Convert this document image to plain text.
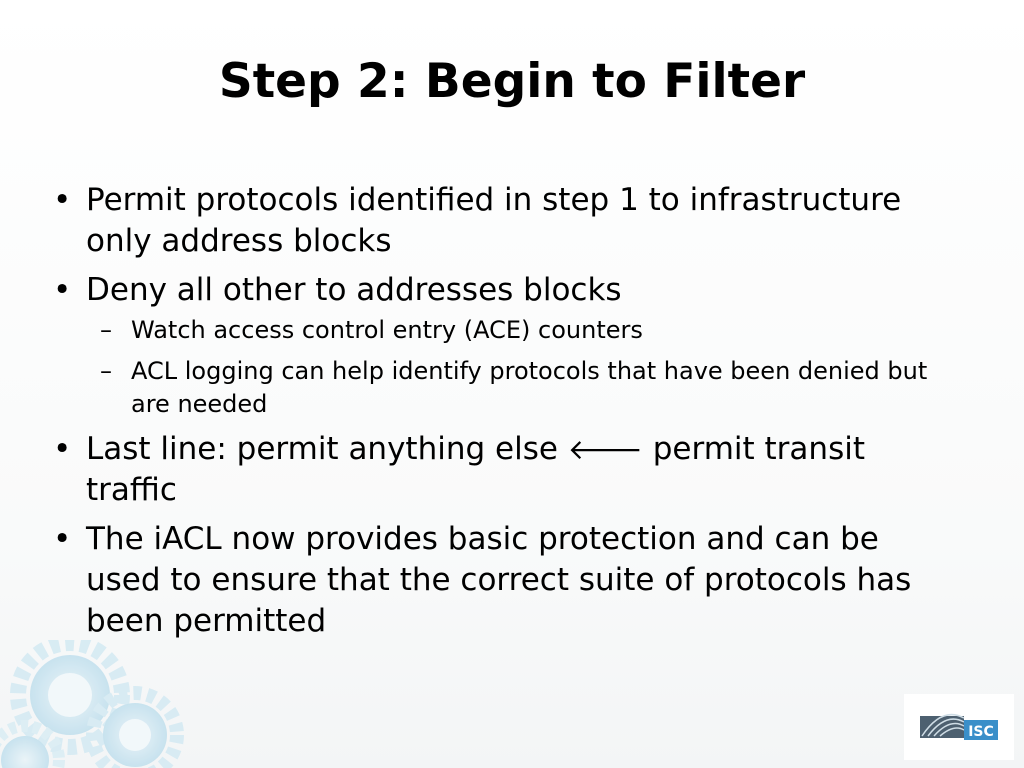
Step 2: Begin to Filter
• Permit protocols identified in step 1 to infrastructure only address blocks
• Deny all other to addresses blocks
– Watch access control entry (ACE) counters
– ACL logging can help identify protocols that have been denied but are needed
• Last line: permit anything else 🡐 permit transit traffic
• The iACL now provides basic protection and can be used to ensure that the correct suite of protocols has been permitted
ISC
